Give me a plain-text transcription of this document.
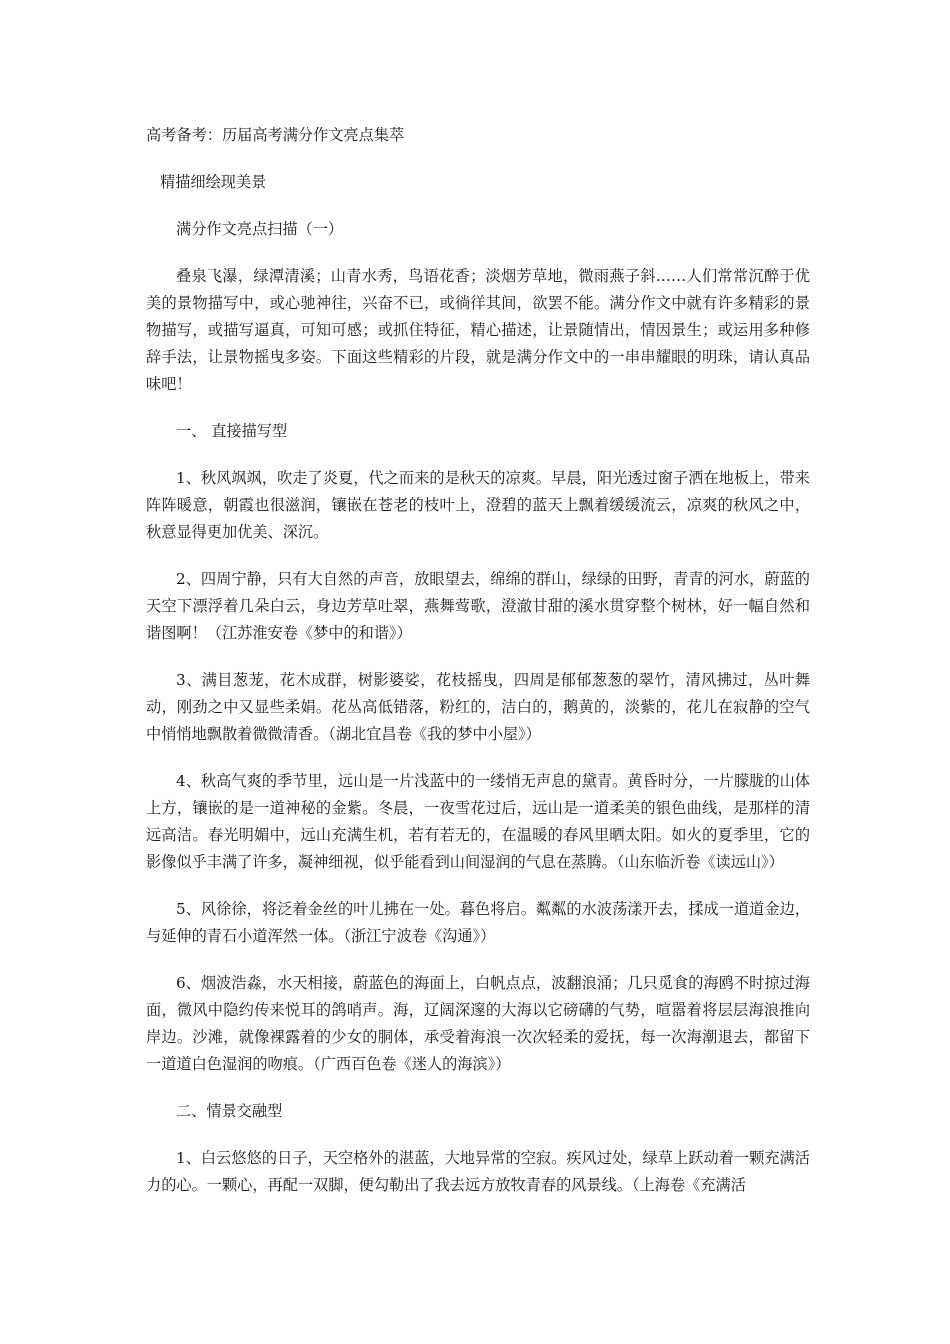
高考备考：历届高考满分作文亮点集萃
精描细绘现美景
满分作文亮点扫描（一）

叠泉飞瀑，绿潭清溪；山青水秀，鸟语花香；淡烟芳草地，微雨燕子斜……人们常常沉醉于优美的景物描写中，或心驰神往，兴奋不已，或徜徉其间，欲罢不能。满分作文中就有许多精彩的景物描写，或描写逼真，可知可感；或抓住特征，精心描述，让景随情出，情因景生；或运用多种修辞手法，让景物摇曳多姿。下面这些精彩的片段，就是满分作文中的一串串耀眼的明珠，请认真品味吧！

一、 直接描写型

1、秋风飒飒，吹走了炎夏，代之而来的是秋天的凉爽。早晨，阳光透过窗子洒在地板上，带来阵阵暖意，朝霞也很滋润，镶嵌在苍老的枝叶上，澄碧的蓝天上飘着缓缓流云，凉爽的秋风之中，秋意显得更加优美、深沉。

2、四周宁静，只有大自然的声音，放眼望去，绵绵的群山，绿绿的田野，青青的河水，蔚蓝的天空下漂浮着几朵白云，身边芳草吐翠，燕舞莺歌，澄澈甘甜的溪水贯穿整个树林，好一幅自然和谐图啊！（江苏淮安卷《梦中的和谐》）

3、满目葱茏，花木成群，树影婆娑，花枝摇曳，四周是郁郁葱葱的翠竹，清风拂过，丛叶舞动，刚劲之中又显些柔娟。花丛高低错落，粉红的，洁白的，鹅黄的，淡紫的，花儿在寂静的空气中悄悄地飘散着微微清香。（湖北宜昌卷《我的梦中小屋》）

4、秋高气爽的季节里，远山是一片浅蓝中的一缕悄无声息的黛青。黄昏时分，一片朦胧的山体上方，镶嵌的是一道神秘的金紫。冬晨，一夜雪花过后，远山是一道柔美的银色曲线，是那样的清远高洁。春光明媚中，远山充满生机，若有若无的，在温暖的春风里晒太阳。如火的夏季里，它的影像似乎丰满了许多，凝神细视，似乎能看到山间湿润的气息在蒸腾。（山东临沂卷《读远山》）

5、风徐徐，将泛着金丝的叶儿拂在一处。暮色将启。粼粼的水波荡漾开去，揉成一道道金边，与延伸的青石小道浑然一体。（浙江宁波卷《沟通》）

6、烟波浩淼，水天相接，蔚蓝色的海面上，白帆点点，波翻浪涌；几只觅食的海鸥不时掠过海面，微风中隐约传来悦耳的鸽哨声。海，辽阔深邃的大海以它磅礴的气势，喧嚣着将层层海浪推向岸边。沙滩，就像裸露着的少女的胴体，承受着海浪一次次轻柔的爱抚，每一次海潮退去，都留下一道道白色湿润的吻痕。（广西百色卷《迷人的海滨》）

二、情景交融型

1、白云悠悠的日子，天空格外的湛蓝，大地异常的空寂。疾风过处，绿草上跃动着一颗充满活力的心。一颗心，再配一双脚，便勾勒出了我去远方放牧青春的风景线。（上海卷《充满活
